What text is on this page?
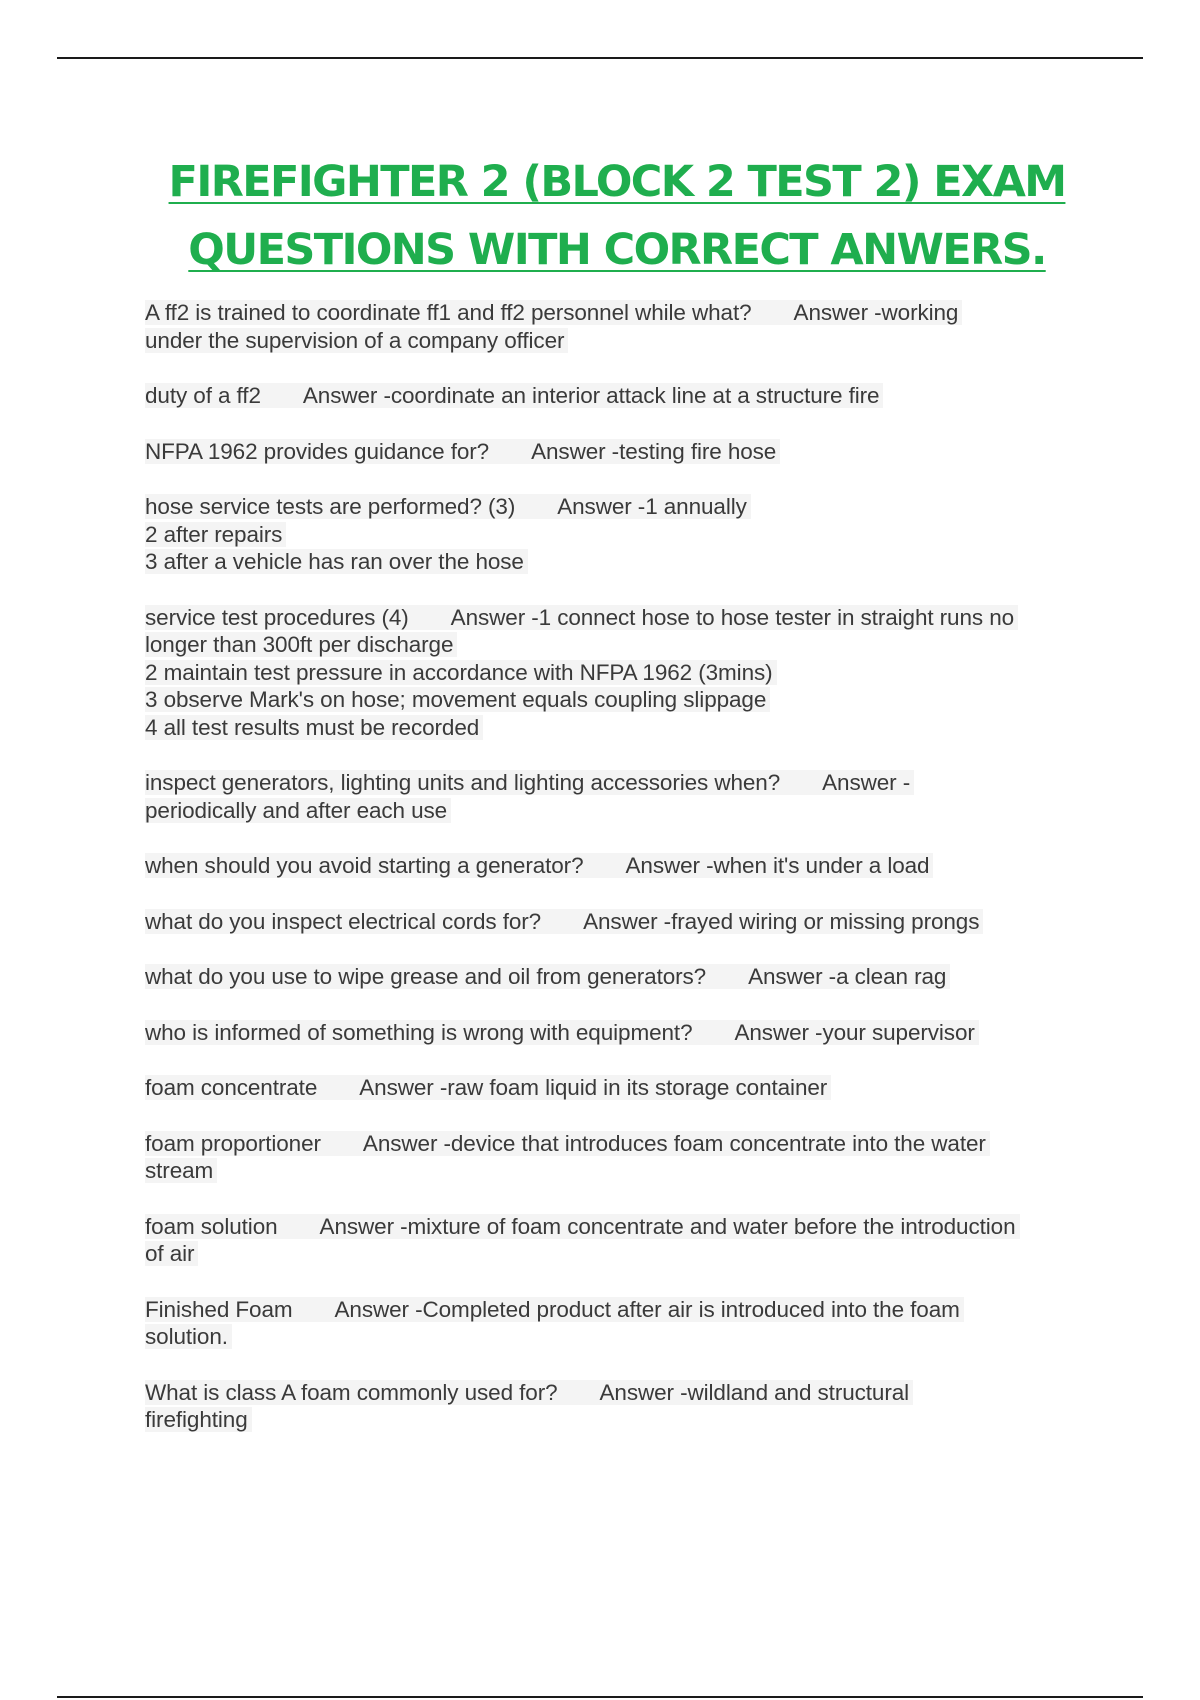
FIREFIGHTER 2 (BLOCK 2 TEST 2) EXAM
QUESTIONS WITH CORRECT ANWERS.
A ff2 is trained to coordinate ff1 and ff2 personnel while what? Answer -working
under the supervision of a company officer
duty of a ff2 Answer -coordinate an interior attack line at a structure fire
NFPA 1962 provides guidance for? Answer -testing fire hose
hose service tests are performed? (3) Answer -1 annually
2 after repairs
3 after a vehicle has ran over the hose
service test procedures (4) Answer -1 connect hose to hose tester in straight runs no
longer than 300ft per discharge
2 maintain test pressure in accordance with NFPA 1962 (3mins)
3 observe Mark's on hose; movement equals coupling slippage
4 all test results must be recorded
inspect generators, lighting units and lighting accessories when? Answer -
periodically and after each use
when should you avoid starting a generator? Answer -when it's under a load
what do you inspect electrical cords for? Answer -frayed wiring or missing prongs
what do you use to wipe grease and oil from generators? Answer -a clean rag
who is informed of something is wrong with equipment? Answer -your supervisor
foam concentrate Answer -raw foam liquid in its storage container
foam proportioner Answer -device that introduces foam concentrate into the water
stream
foam solution Answer -mixture of foam concentrate and water before the introduction
of air
Finished Foam Answer -Completed product after air is introduced into the foam
solution.
What is class A foam commonly used for? Answer -wildland and structural
firefighting
